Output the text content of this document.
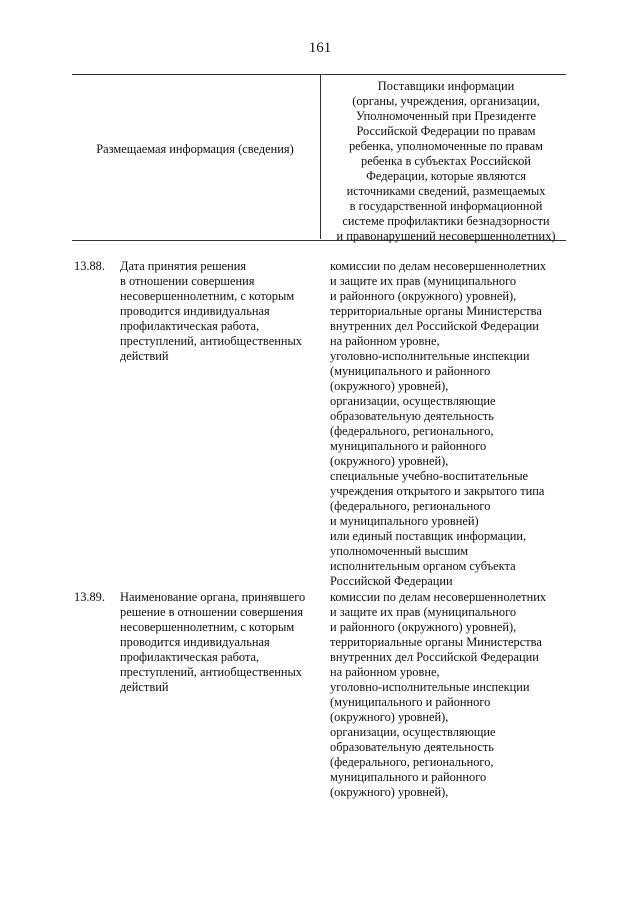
161
Размещаемая информация (сведения)
Поставщики информации
(органы, учреждения, организации,
Уполномоченный при Президенте
Российской Федерации по правам
ребенка, уполномоченные по правам
ребенка в субъектах Российской
Федерации, которые являются
источниками сведений, размещаемых
в государственной информационной
системе профилактики безнадзорности
и правонарушений несовершеннолетних)
13.88.	Дата принятия решения
в отношении совершения
несовершеннолетним, с которым
проводится индивидуальная
профилактическая работа,
преступлений, антиобщественных
действий
комиссии по делам несовершеннолетних
и защите их прав (муниципального
и районного (окружного) уровней),
территориальные органы Министерства
внутренних дел Российской Федерации
на районном уровне,
уголовно-исполнительные инспекции
(муниципального и районного
(окружного) уровней),
организации, осуществляющие
образовательную деятельность
(федерального, регионального,
муниципального и районного
(окружного) уровней),
специальные учебно-воспитательные
учреждения открытого и закрытого типа
(федерального, регионального
и муниципального уровней)
или единый поставщик информации,
уполномоченный высшим
исполнительным органом субъекта
Российской Федерации
13.89.	Наименование органа, принявшего
решение в отношении совершения
несовершеннолетним, с которым
проводится индивидуальная
профилактическая работа,
преступлений, антиобщественных
действий
комиссии по делам несовершеннолетних
и защите их прав (муниципального
и районного (окружного) уровней),
территориальные органы Министерства
внутренних дел Российской Федерации
на районном уровне,
уголовно-исполнительные инспекции
(муниципального и районного
(окружного) уровней),
организации, осуществляющие
образовательную деятельность
(федерального, регионального,
муниципального и районного
(окружного) уровней),
